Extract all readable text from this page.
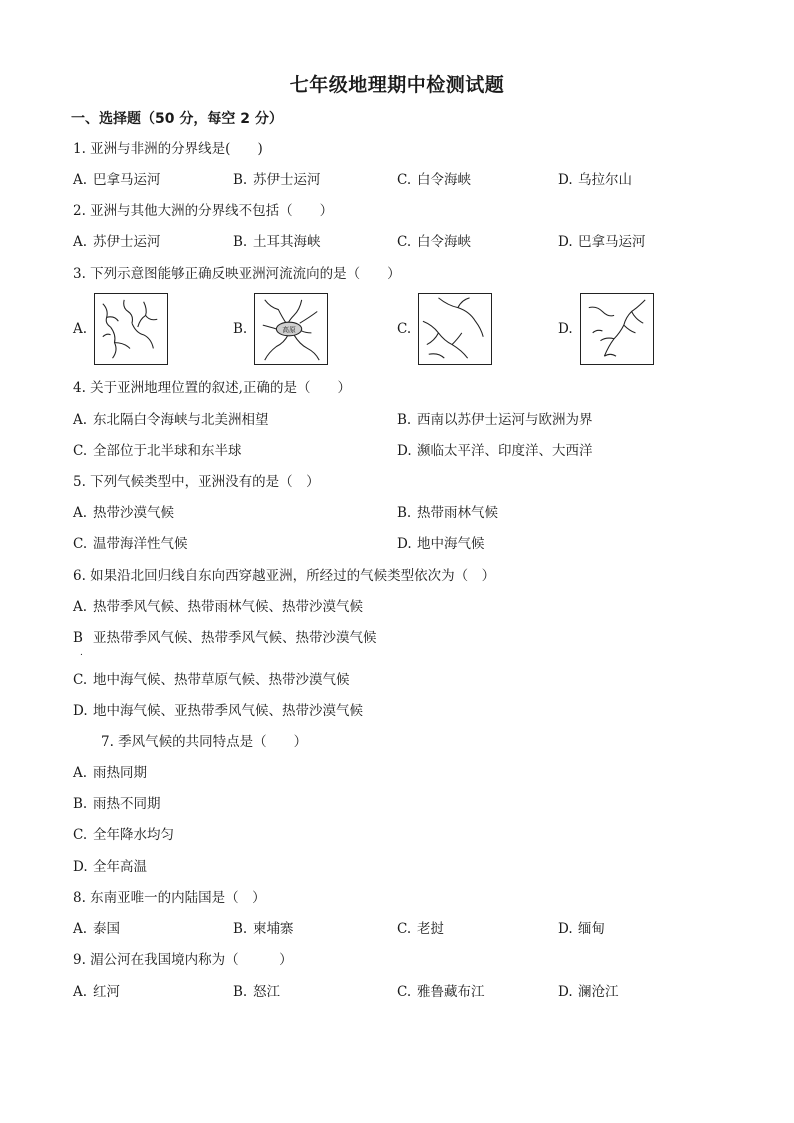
七年级地理期中检测试题
一、选择题（50 分，每空 2 分）
1. 亚洲与非洲的分界线是(　　)
A. 巴拿马运河	B. 苏伊士运河	C. 白令海峡	D. 乌拉尔山
2. 亚洲与其他大洲的分界线不包括（　　）
A. 苏伊士运河	B. 土耳其海峡	C. 白令海峡	D. 巴拿马运河
3. 下列示意图能够正确反映亚洲河流流向的是（　　）
A.	B.	高原	C.	D.
4. 关于亚洲地理位置的叙述,正确的是（　　）
A. 东北隔白令海峡与北美洲相望	B. 西南以苏伊士运河与欧洲为界
C. 全部位于北半球和东半球	D. 濒临太平洋、印度洋、大西洋
5. 下列气候类型中，亚洲没有的是（　）
A. 热带沙漠气候	B. 热带雨林气候
C. 温带海洋性气候	D. 地中海气候
6. 如果沿北回归线自东向西穿越亚洲，所经过的气候类型依次为（　）
A. 热带季风气候、热带雨林气候、热带沙漠气候
B 亚热带季风气候、热带季风气候、热带沙漠气候
.
C. 地中海气候、热带草原气候、热带沙漠气候
D. 地中海气候、亚热带季风气候、热带沙漠气候
7. 季风气候的共同特点是（　　）
A. 雨热同期
B. 雨热不同期
C. 全年降水均匀
D. 全年高温
8. 东南亚唯一的内陆国是（　）
A. 泰国	B. 柬埔寨	C. 老挝	D. 缅甸
9. 湄公河在我国境内称为（　　　）
A. 红河	B. 怒江	C. 雅鲁藏布江	D. 澜沧江
